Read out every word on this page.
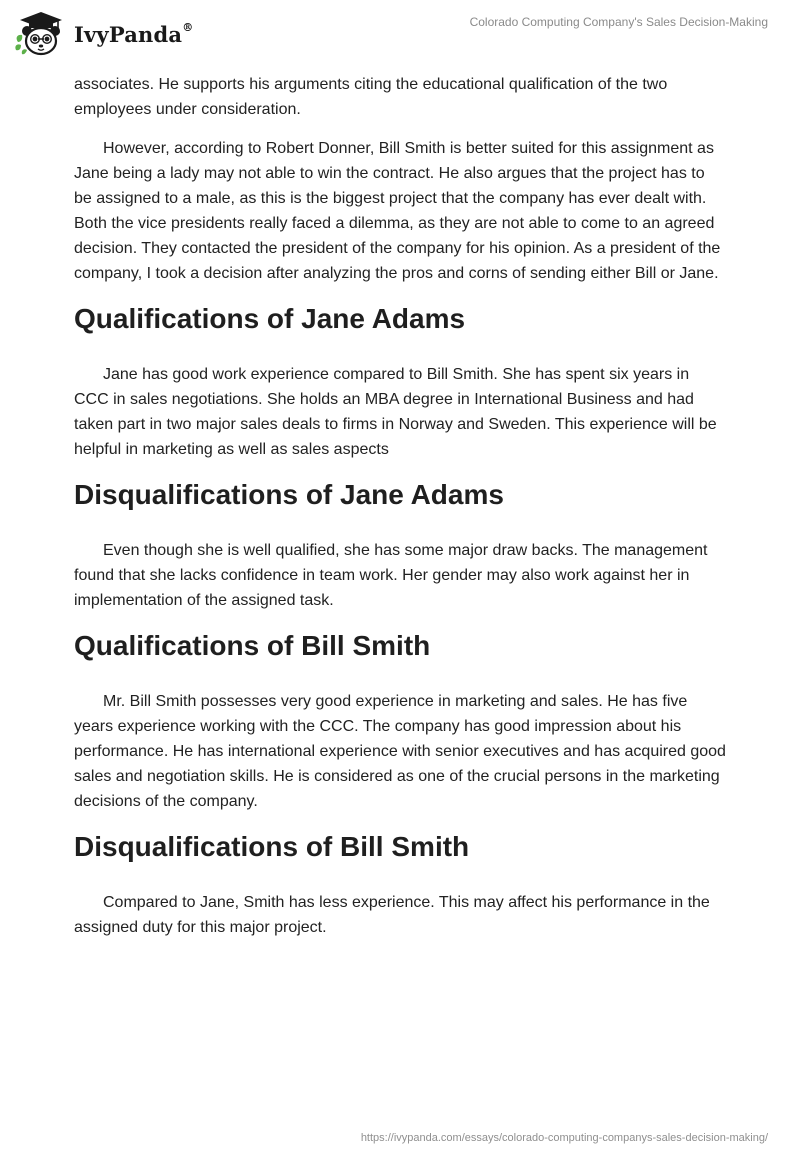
IvyPanda®	Colorado Computing Company's Sales Decision-Making

associates. He supports his arguments citing the educational qualification of the two employees under consideration.

However, according to Robert Donner, Bill Smith is better suited for this assignment as Jane being a lady may not able to win the contract. He also argues that the project has to be assigned to a male, as this is the biggest project that the company has ever dealt with. Both the vice presidents really faced a dilemma, as they are not able to come to an agreed decision. They contacted the president of the company for his opinion. As a president of the company, I took a decision after analyzing the pros and corns of sending either Bill or Jane.

Qualifications of Jane Adams

Jane has good work experience compared to Bill Smith. She has spent six years in CCC in sales negotiations. She holds an MBA degree in International Business and had taken part in two major sales deals to firms in Norway and Sweden. This experience will be helpful in marketing as well as sales aspects

Disqualifications of Jane Adams

Even though she is well qualified, she has some major draw backs. The management found that she lacks confidence in team work. Her gender may also work against her in implementation of the assigned task.

Qualifications of Bill Smith

Mr. Bill Smith possesses very good experience in marketing and sales. He has five years experience working with the CCC. The company has good impression about his performance. He has international experience with senior executives and has acquired good sales and negotiation skills. He is considered as one of the crucial persons in the marketing decisions of the company.

Disqualifications of Bill Smith

Compared to Jane, Smith has less experience. This may affect his performance in the assigned duty for this major project.

https://ivypanda.com/essays/colorado-computing-companys-sales-decision-making/
